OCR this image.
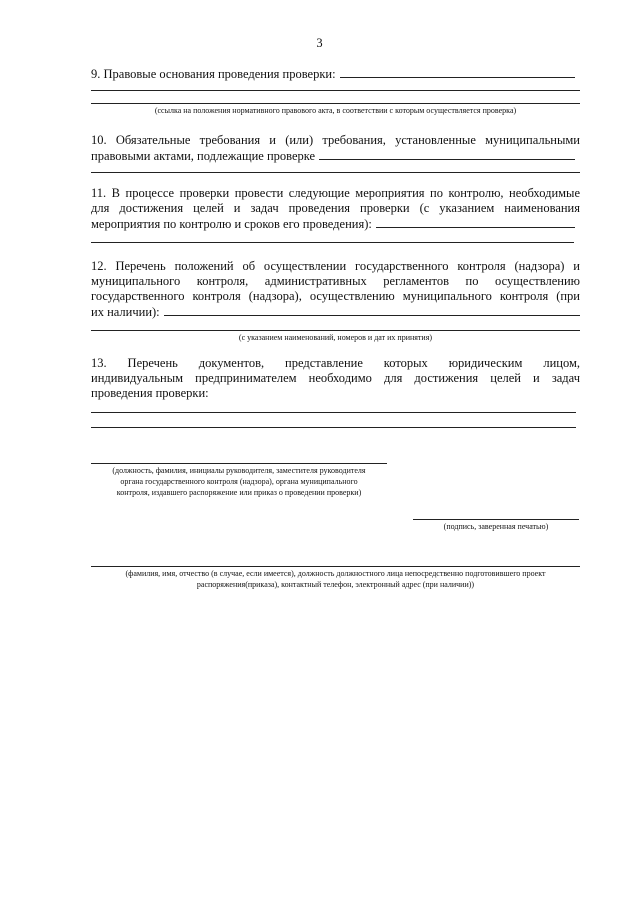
3
9. Правовые основания проведения проверки:
(ссылка на положения нормативного правового акта, в соответствии с которым осуществляется проверка)
10. Обязательные требования и (или) требования, установленные муниципальными
правовыми актами, подлежащие проверке
11. В процессе проверки провести следующие мероприятия по контролю, необходимые
для достижения целей и задач проведения проверки (с указанием наименования
мероприятия по контролю и сроков его проведения):
12. Перечень положений об осуществлении государственного контроля (надзора) и
муниципального контроля, административных регламентов по осуществлению
государственного контроля (надзора), осуществлению муниципального контроля (при
их наличии):
(с указанием наименований, номеров и дат их принятия)
13. Перечень документов, представление которых юридическим лицом,
индивидуальным предпринимателем необходимо для достижения целей и задач
проведения проверки:
(должность, фамилия, инициалы руководителя, заместителя руководителя
органа государственного контроля (надзора), органа муниципального
контроля, издавшего распоряжение или приказ о проведении проверки)
(подпись, заверенная печатью)
(фамилия, имя, отчество (в случае, если имеется), должность должностного лица непосредственно подготовившего проект
распоряжения(приказа), контактный телефон, электронный адрес (при наличии))
